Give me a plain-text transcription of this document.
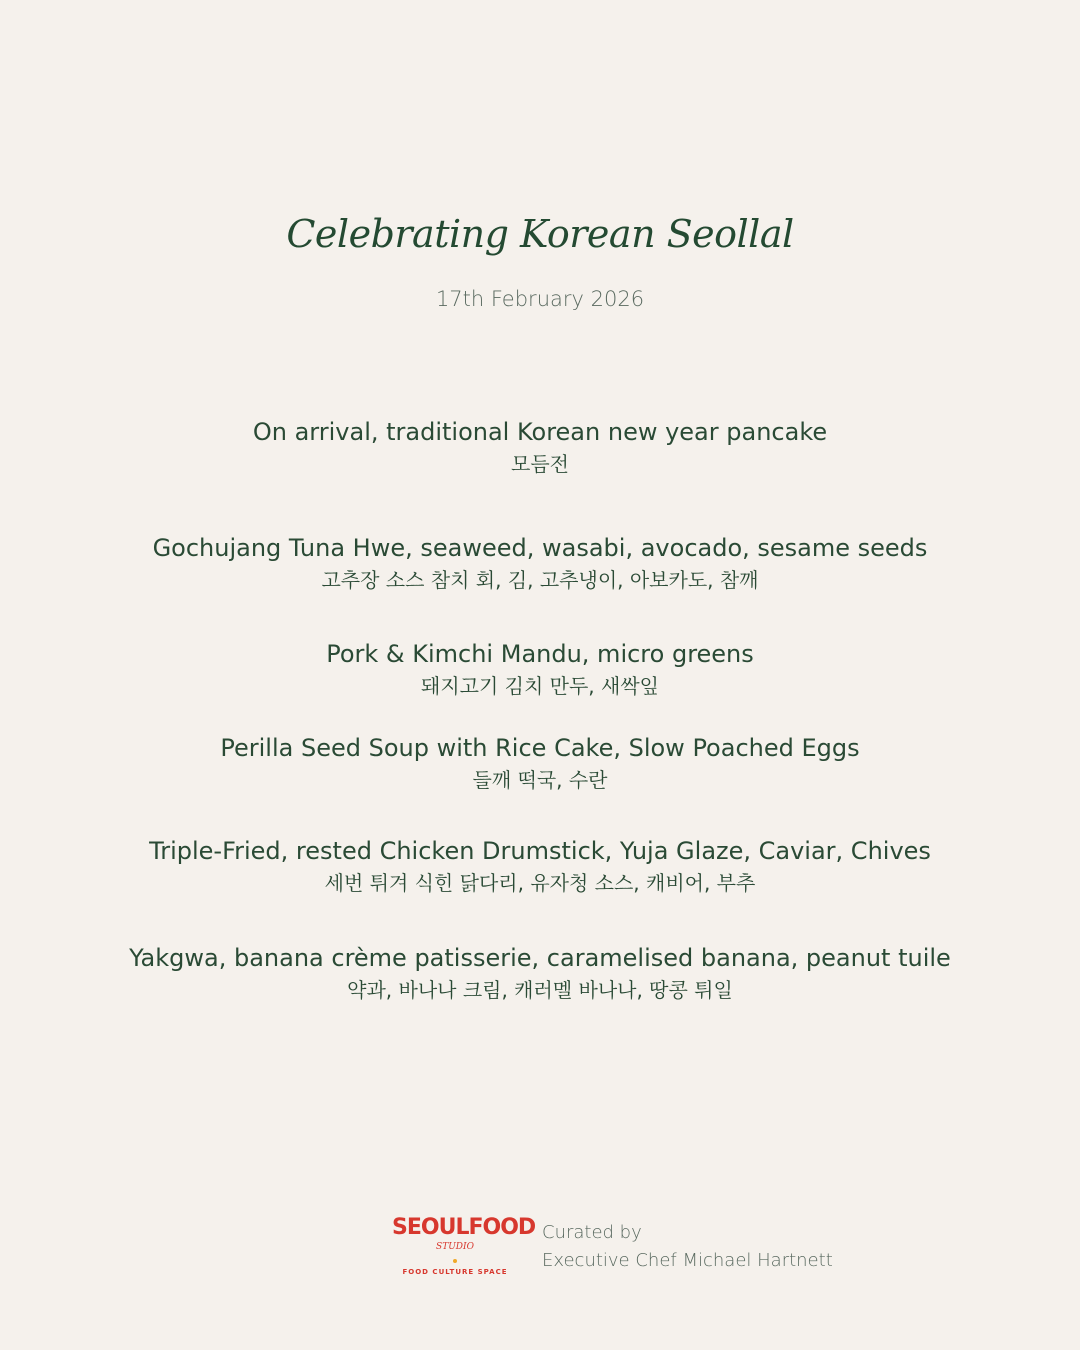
Celebrating Korean Seollal
17th February 2026
On arrival, traditional Korean new year pancake
모듬전
Gochujang Tuna Hwe, seaweed, wasabi, avocado, sesame seeds
고추장 소스 참치 회, 김, 고추냉이, 아보카도, 참깨
Pork & Kimchi Mandu, micro greens
돼지고기 김치 만두, 새싹잎
Perilla Seed Soup with Rice Cake, Slow Poached Eggs
들깨 떡국, 수란
Triple-Fried, rested Chicken Drumstick, Yuja Glaze, Caviar, Chives
세번 튀겨 식힌 닭다리, 유자청 소스, 캐비어, 부추
Yakgwa, banana crème patisserie, caramelised banana, peanut tuile
약과, 바나나 크림, 캐러멜 바나나, 땅콩 튀일
SEOULFOOD
STUDIO
FOOD CULTURE SPACE
Curated by
Executive Chef Michael Hartnett
